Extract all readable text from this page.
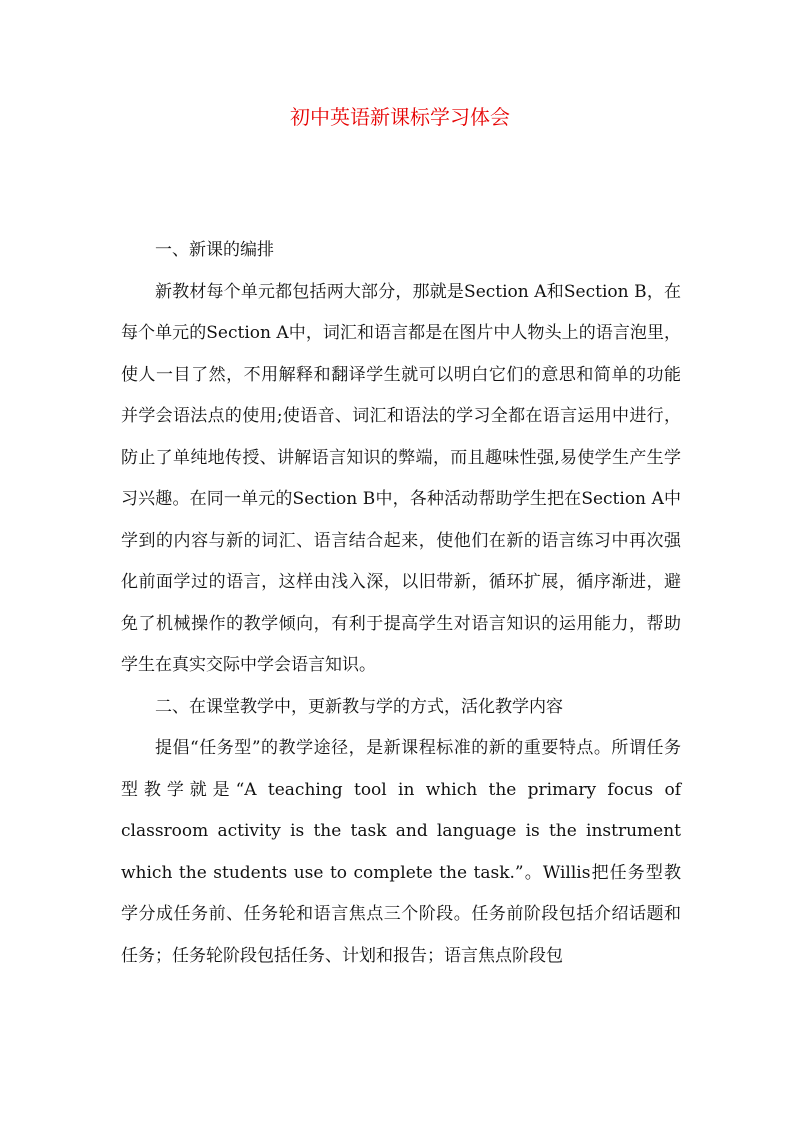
初中英语新课标学习体会

一、新课的编排

新教材每个单元都包括两大部分，那就是Section A和Section B，在每个单元的Section A中，词汇和语言都是在图片中人物头上的语言泡里，使人一目了然，不用解释和翻译学生就可以明白它们的意思和简单的功能并学会语法点的使用;使语音、词汇和语法的学习全都在语言运用中进行，防止了单纯地传授、讲解语言知识的弊端，而且趣味性强,易使学生产生学习兴趣。在同一单元的Section B中，各种活动帮助学生把在Section A中学到的内容与新的词汇、语言结合起来，使他们在新的语言练习中再次强化前面学过的语言，这样由浅入深，以旧带新，循环扩展，循序渐进，避免了机械操作的教学倾向，有利于提高学生对语言知识的运用能力，帮助学生在真实交际中学会语言知识。

二、在课堂教学中，更新教与学的方式，活化教学内容

提倡“任务型”的教学途径，是新课程标准的新的重要特点。所谓任务型教学就是“A teaching tool in which the primary focus of classroom activity is the task and language is the instrument which the students use to complete the task.”。Willis把任务型教学分成任务前、任务轮和语言焦点三个阶段。任务前阶段包括介绍话题和任务；任务轮阶段包括任务、计划和报告；语言焦点阶段包
